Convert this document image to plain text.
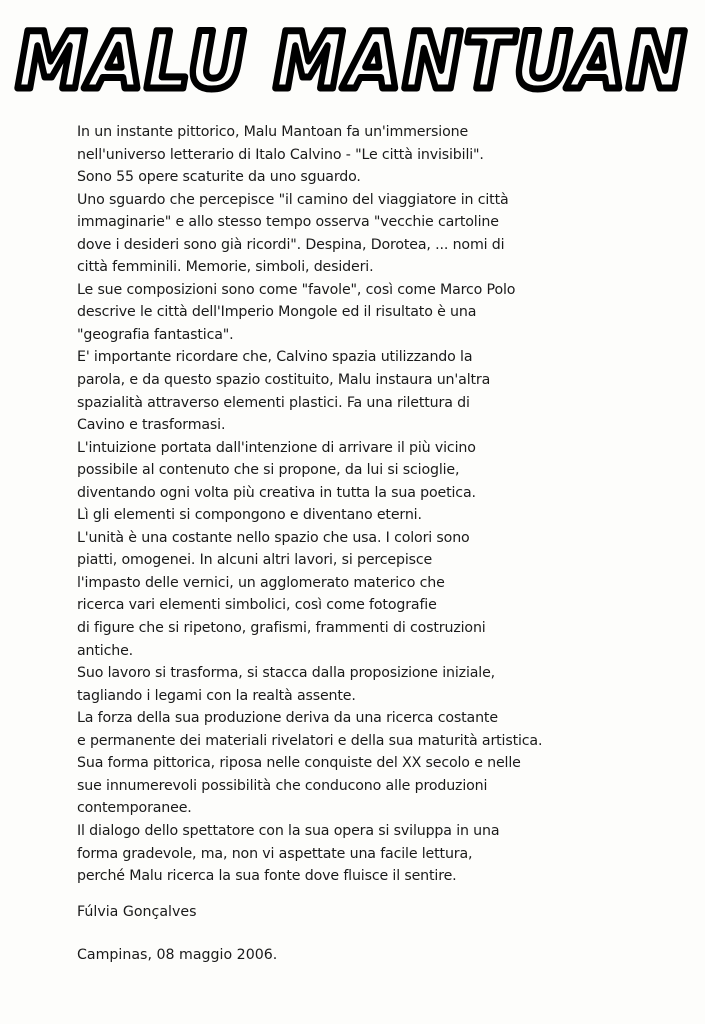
MALU MANTUAN
In un instante pittorico, Malu Mantoan fa un'immersione
nell'universo letterario di Italo Calvino - "Le città invisibili".
Sono 55 opere scaturite da uno sguardo.
Uno sguardo che percepisce "il camino del viaggiatore in città
immaginarie" e allo stesso tempo osserva "vecchie cartoline
dove i desideri sono già ricordi". Despina, Dorotea, ... nomi di
città femminili. Memorie, simboli, desideri.
Le sue composizioni sono come "favole", così come Marco Polo
descrive le città dell'Imperio Mongole ed il risultato è una
"geografia fantastica".
E' importante ricordare che, Calvino spazia utilizzando la
parola, e da questo spazio costituito, Malu instaura un'altra
spazialità attraverso elementi plastici. Fa una rilettura di
Cavino e trasformasi.
L'intuizione portata dall'intenzione di arrivare il più vicino
possibile al contenuto che si propone, da lui si scioglie,
diventando ogni volta più creativa in tutta la sua poetica.
Lì gli elementi si compongono e diventano eterni.
L'unità è una costante nello spazio che usa. I colori sono
piatti, omogenei. In alcuni altri lavori, si percepisce
l'impasto delle vernici, un agglomerato materico che
ricerca vari elementi simbolici, così come fotografie
di figure che si ripetono, grafismi, frammenti di costruzioni
antiche.
Suo lavoro si trasforma, si stacca dalla proposizione iniziale,
tagliando i legami con la realtà assente.
La forza della sua produzione deriva da una ricerca costante
e permanente dei materiali rivelatori e della sua maturità artistica.
Sua forma pittorica, riposa nelle conquiste del XX secolo e nelle
sue innumerevoli possibilità che conducono alle produzioni
contemporanee.
Il dialogo dello spettatore con la sua opera si sviluppa in una
forma gradevole, ma, non vi aspettate una facile lettura,
perché Malu ricerca la sua fonte dove fluisce il sentire.
Fúlvia Gonçalves
Campinas, 08 maggio 2006.
